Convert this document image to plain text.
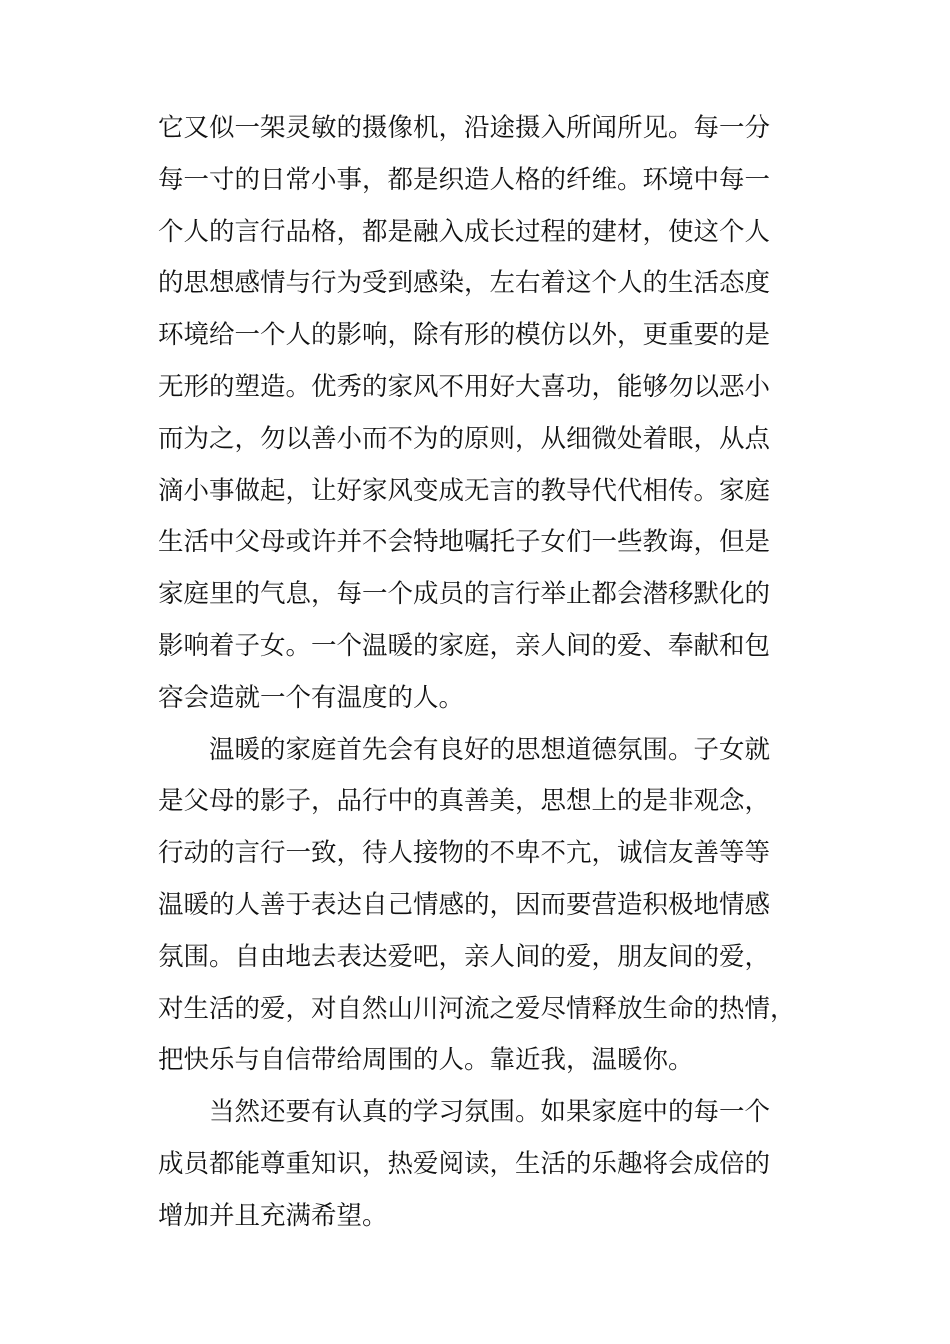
它又似一架灵敏的摄像机，沿途摄入所闻所见。每一分
每一寸的日常小事，都是织造人格的纤维。环境中每一
个人的言行品格，都是融入成长过程的建材，使这个人
的思想感情与行为受到感染，左右着这个人的生活态度
环境给一个人的影响，除有形的模仿以外，更重要的是
无形的塑造。优秀的家风不用好大喜功，能够勿以恶小
而为之，勿以善小而不为的原则，从细微处着眼，从点
滴小事做起，让好家风变成无言的教导代代相传。家庭
生活中父母或许并不会特地嘱托子女们一些教诲，但是
家庭里的气息，每一个成员的言行举止都会潜移默化的
影响着子女。一个温暖的家庭，亲人间的爱、奉献和包
容会造就一个有温度的人。
温暖的家庭首先会有良好的思想道德氛围。子女就
是父母的影子，品行中的真善美，思想上的是非观念，
行动的言行一致，待人接物的不卑不亢，诚信友善等等
温暖的人善于表达自己情感的，因而要营造积极地情感
氛围。自由地去表达爱吧，亲人间的爱，朋友间的爱，
对生活的爱，对自然山川河流之爱尽情释放生命的热情，
把快乐与自信带给周围的人。靠近我，温暖你。
当然还要有认真的学习氛围。如果家庭中的每一个
成员都能尊重知识，热爱阅读，生活的乐趣将会成倍的
增加并且充满希望。
